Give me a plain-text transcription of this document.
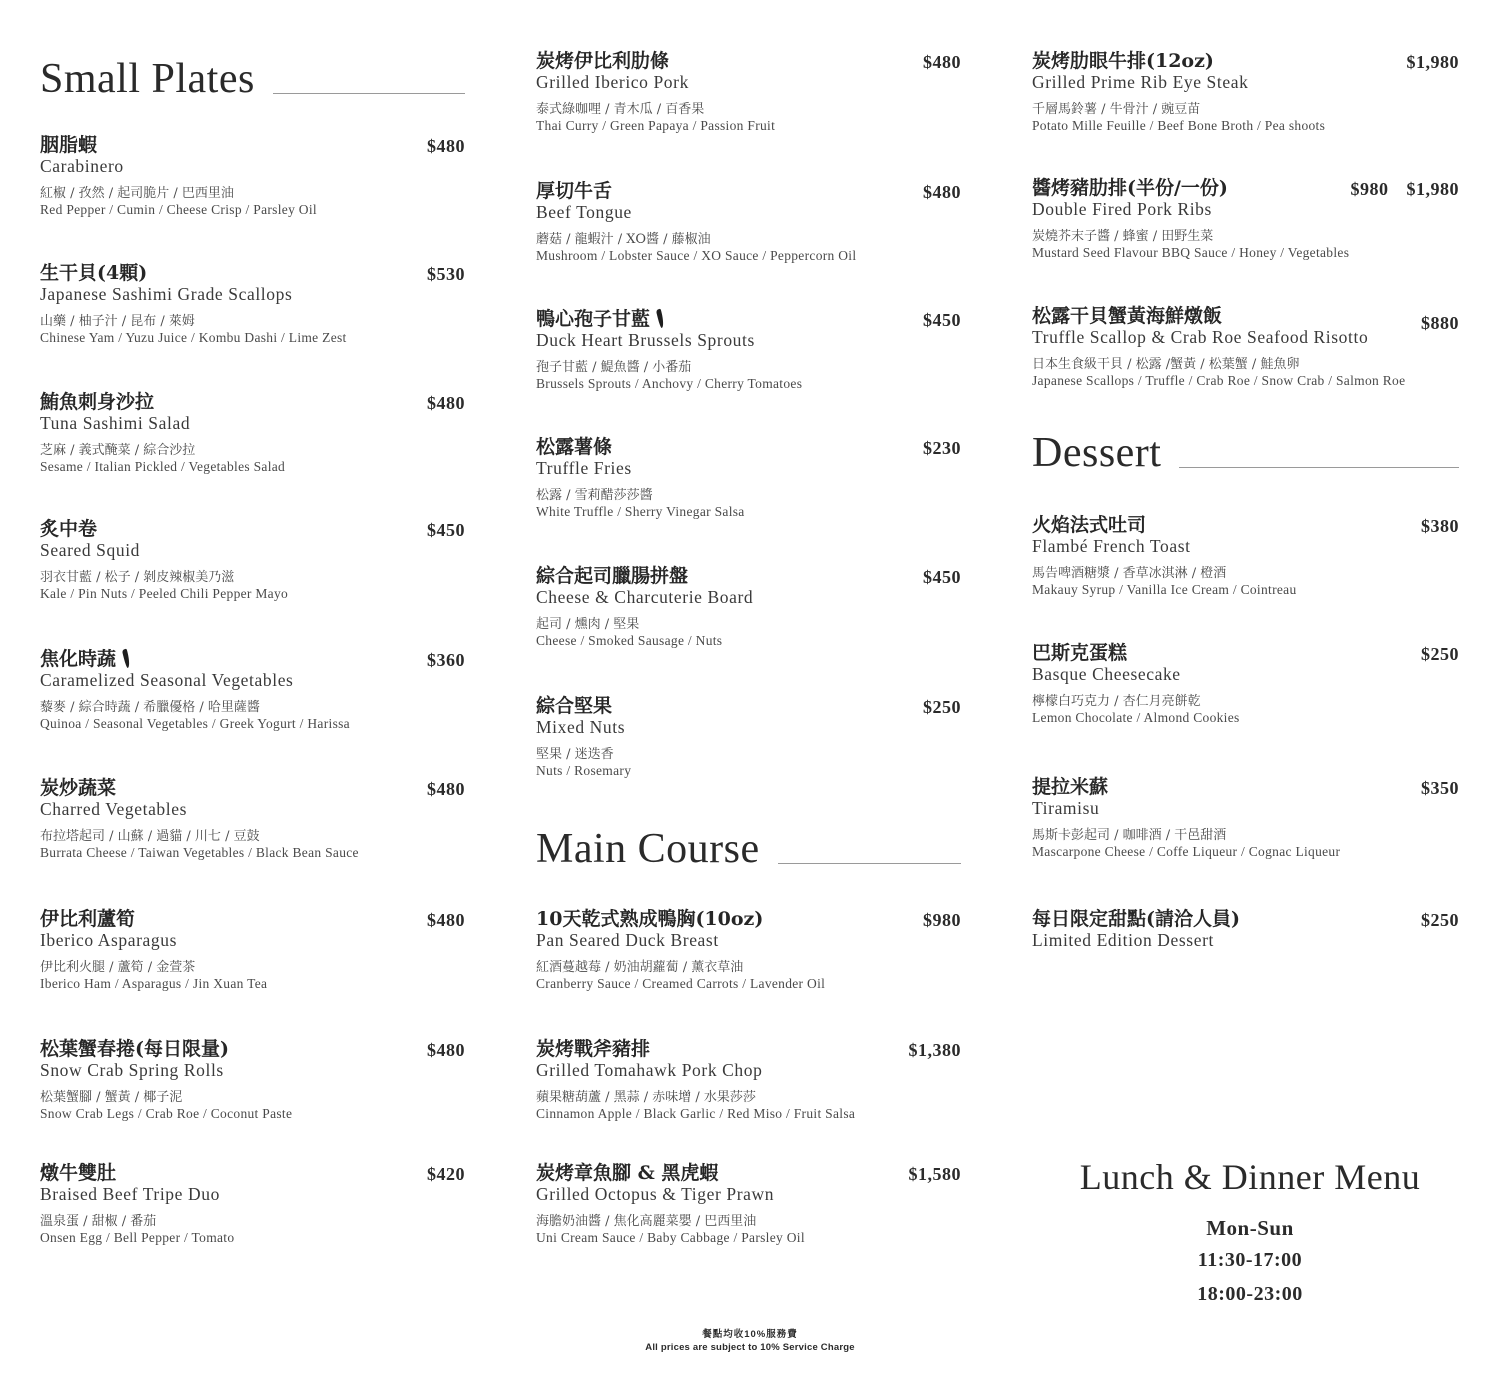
Small Plates
胭脂蝦
Carabinero
紅椒 / 孜然 / 起司脆片 / 巴西里油
Red Pepper / Cumin / Cheese Crisp / Parsley Oil
$480
生干貝(4顆)
Japanese Sashimi Grade Scallops
山藥 / 柚子汁 / 昆布 / 萊姆
Chinese Yam / Yuzu Juice / Kombu Dashi / Lime Zest
$530
鮪魚刺身沙拉
Tuna Sashimi Salad
芝麻 / 義式醃菜 / 綜合沙拉
Sesame / Italian Pickled / Vegetables Salad
$480
炙中卷
Seared Squid
羽衣甘藍 / 松子 / 剝皮辣椒美乃滋
Kale / Pin Nuts / Peeled Chili Pepper Mayo
$450
焦化時蔬
Caramelized Seasonal Vegetables
藜麥 / 綜合時蔬 / 希臘優格 / 哈里薩醬
Quinoa / Seasonal Vegetables / Greek Yogurt / Harissa
$360
炭炒蔬菜
Charred Vegetables
布拉塔起司 / 山蘇 / 過貓 / 川七 / 豆鼓
Burrata Cheese / Taiwan Vegetables / Black Bean Sauce
$480
伊比利蘆筍
Iberico Asparagus
伊比利火腿 / 蘆筍 / 金萱茶
Iberico Ham / Asparagus / Jin Xuan Tea
$480
松葉蟹春捲(每日限量)
Snow Crab Spring Rolls
松葉蟹腳 / 蟹黃 / 椰子泥
Snow Crab Legs / Crab Roe / Coconut Paste
$480
燉牛雙肚
Braised Beef Tripe Duo
溫泉蛋 / 甜椒 / 番茄
Onsen Egg / Bell Pepper / Tomato
$420
炭烤伊比利肋條
Grilled Iberico Pork
泰式綠咖哩 / 青木瓜 / 百香果
Thai Curry / Green Papaya / Passion Fruit
$480
厚切牛舌
Beef Tongue
蘑菇 / 龍蝦汁 / XO醬 / 藤椒油
Mushroom / Lobster Sauce / XO Sauce / Peppercorn Oil
$480
鴨心孢子甘藍
Duck Heart Brussels Sprouts
孢子甘藍 / 鯷魚醬 / 小番茄
Brussels Sprouts / Anchovy / Cherry Tomatoes
$450
松露薯條
Truffle Fries
松露 / 雪莉醋莎莎醬
White Truffle / Sherry Vinegar Salsa
$230
綜合起司臘腸拼盤
Cheese & Charcuterie Board
起司 / 燻肉 / 堅果
Cheese / Smoked Sausage / Nuts
$450
綜合堅果
Mixed Nuts
堅果 / 迷迭香
Nuts / Rosemary
$250
Main Course
10天乾式熟成鴨胸(10oz)
Pan Seared Duck Breast
紅酒蔓越莓 / 奶油胡蘿蔔 / 薰衣草油
Cranberry Sauce / Creamed Carrots / Lavender Oil
$980
炭烤戰斧豬排
Grilled Tomahawk Pork Chop
蘋果糖葫蘆 / 黑蒜 / 赤味增 / 水果莎莎
Cinnamon Apple / Black Garlic / Red Miso / Fruit Salsa
$1,380
炭烤章魚腳 & 黑虎蝦
Grilled Octopus & Tiger Prawn
海膽奶油醬 / 焦化高麗菜嬰 / 巴西里油
Uni Cream Sauce / Baby Cabbage / Parsley Oil
$1,580
炭烤肋眼牛排(12oz)
Grilled Prime Rib Eye Steak
千層馬鈴薯 / 牛骨汁 / 豌豆苗
Potato Mille Feuille / Beef Bone Broth / Pea shoots
$1,980
醬烤豬肋排(半份/一份)
Double Fired Pork Ribs
炭燒芥末子醬 / 蜂蜜 / 田野生菜
Mustard Seed Flavour BBQ Sauce / Honey / Vegetables
$980 $1,980
松露干貝蟹黃海鮮燉飯
Truffle Scallop & Crab Roe Seafood Risotto
日本生食級干貝 / 松露 /蟹黃 / 松葉蟹 / 鮭魚卵
Japanese Scallops / Truffle / Crab Roe / Snow Crab / Salmon Roe
$880
Dessert
火焰法式吐司
Flambé French Toast
馬告啤酒糖漿 / 香草冰淇淋 / 橙酒
Makauy Syrup / Vanilla Ice Cream / Cointreau
$380
巴斯克蛋糕
Basque Cheesecake
檸檬白巧克力 / 杏仁月亮餅乾
Lemon Chocolate / Almond Cookies
$250
提拉米蘇
Tiramisu
馬斯卡彭起司 / 咖啡酒 / 干邑甜酒
Mascarpone Cheese / Coffe Liqueur / Cognac Liqueur
$350
每日限定甜點(請洽人員)
Limited Edition Dessert
$250
Lunch & Dinner Menu
Mon-Sun
11:30-17:00
18:00-23:00
餐點均收10%服務費
All prices are subject to 10% Service Charge
